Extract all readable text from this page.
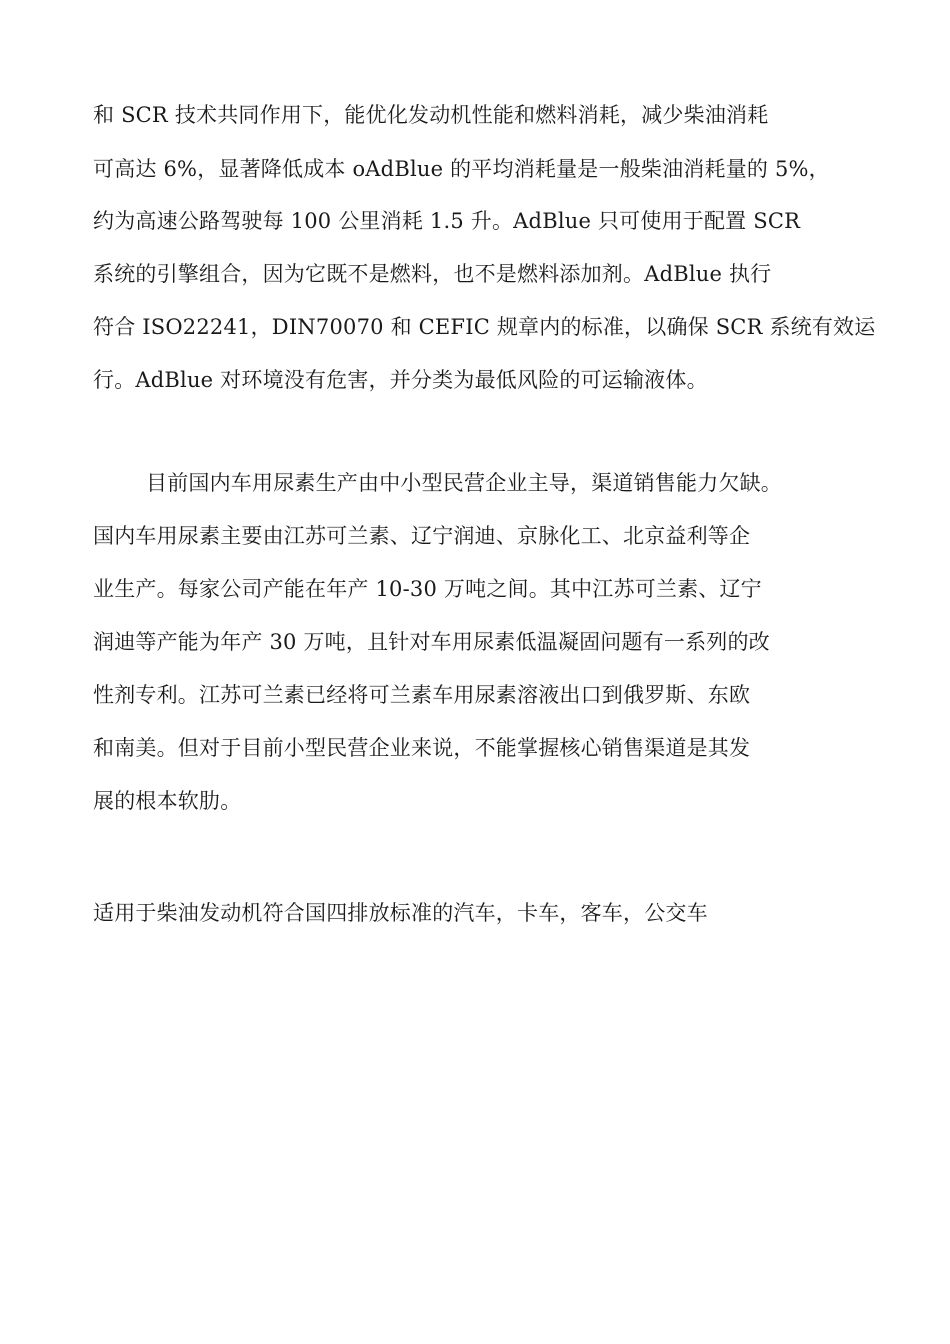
和 SCR 技术共同作用下，能优化发动机性能和燃料消耗，减少柴油消耗
可高达 6%，显著降低成本 oAdBlue 的平均消耗量是一般柴油消耗量的 5%，
约为高速公路驾驶每 100 公里消耗 1.5 升。AdBlue 只可使用于配置 SCR
系统的引擎组合，因为它既不是燃料，也不是燃料添加剂。AdBlue 执行
符合 ISO22241，DIN70070 和 CEFIC 规章内的标准，以确保 SCR 系统有效运
行。AdBlue 对环境没有危害，并分类为最低风险的可运输液体。
目前国内车用尿素生产由中小型民营企业主导，渠道销售能力欠缺。
国内车用尿素主要由江苏可兰素、辽宁润迪、京脉化工、北京益利等企
业生产。每家公司产能在年产 10-30 万吨之间。其中江苏可兰素、辽宁
润迪等产能为年产 30 万吨，且针对车用尿素低温凝固问题有一系列的改
性剂专利。江苏可兰素已经将可兰素车用尿素溶液出口到俄罗斯、东欧
和南美。但对于目前小型民营企业来说，不能掌握核心销售渠道是其发
展的根本软肋。
适用于柴油发动机符合国四排放标准的汽车，卡车，客车，公交车
